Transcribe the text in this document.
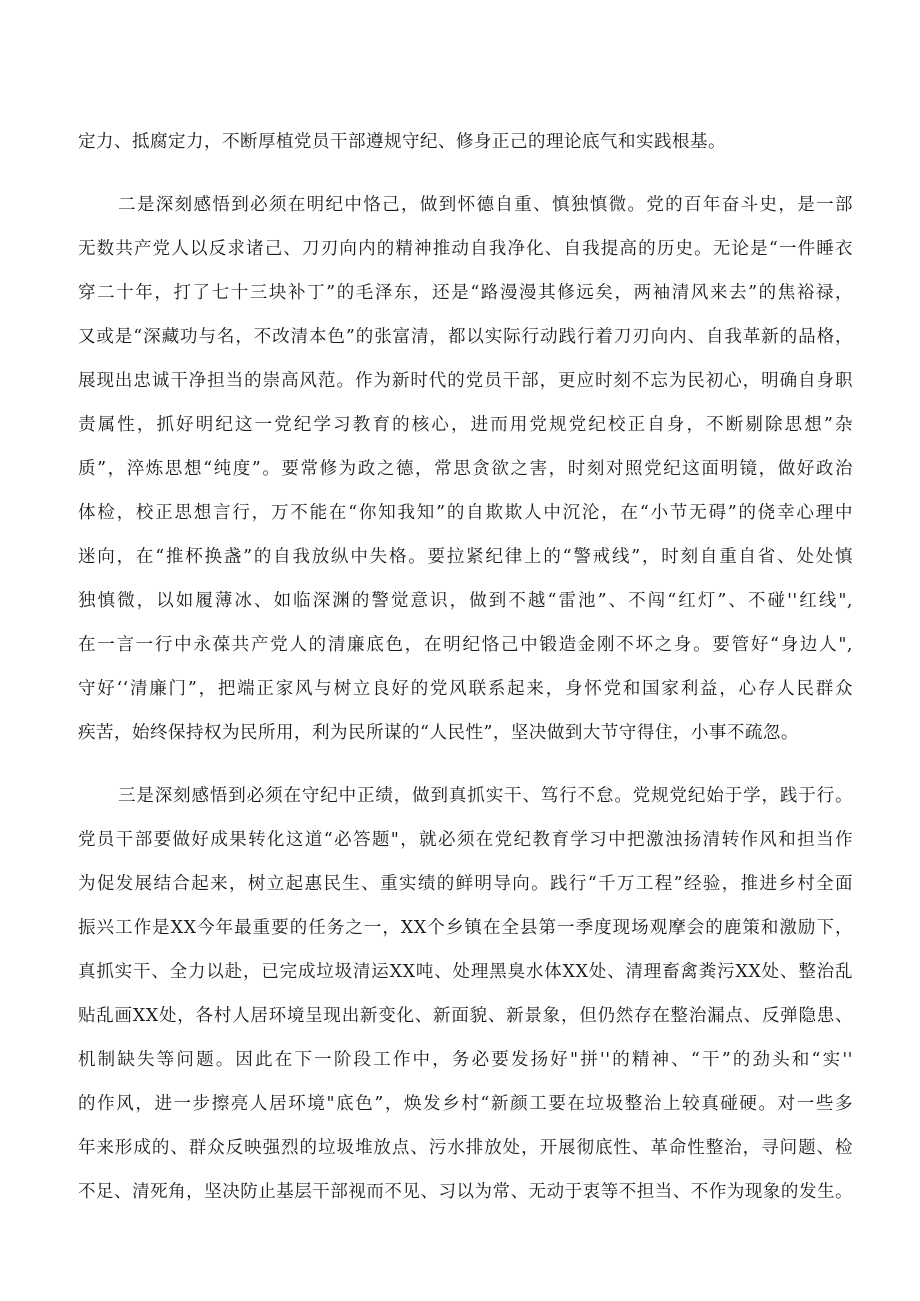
定力、抵腐定力，不断厚植党员干部遵规守纪、修身正己的理论底气和实践根基。
二是深刻感悟到必须在明纪中恪己，做到怀德自重、慎独慎微。党的百年奋斗史，是一部
无数共产党人以反求诸己、刀刃向内的精神推动自我净化、自我提高的历史。无论是“一件睡衣
穿二十年，打了七十三块补丁”的毛泽东，还是“路漫漫其修远矣，两袖清风来去”的焦裕禄，
又或是“深藏功与名，不改清本色”的张富清，都以实际行动践行着刀刃向内、自我革新的品格，
展现出忠诚干净担当的崇高风范。作为新时代的党员干部，更应时刻不忘为民初心，明确自身职
责属性，抓好明纪这一党纪学习教育的核心，进而用党规党纪校正自身，不断剔除思想”杂
质”，淬炼思想“纯度”。要常修为政之德，常思贪欲之害，时刻对照党纪这面明镜，做好政治
体检，校正思想言行，万不能在“你知我知”的自欺欺人中沉沦，在“小节无碍”的侥幸心理中
迷向，在“推杯换盏”的自我放纵中失格。要拉紧纪律上的“警戒线”，时刻自重自省、处处慎
独慎微，以如履薄冰、如临深渊的警觉意识，做到不越“雷池”、不闯“红灯”、不碰''红线",
在一言一行中永葆共产党人的清廉底色，在明纪恪己中锻造金刚不坏之身。要管好“身边人",
守好‘‘清廉门”，把端正家风与树立良好的党风联系起来，身怀党和国家利益，心存人民群众
疾苦，始终保持权为民所用，利为民所谋的“人民性”，坚决做到大节守得住，小事不疏忽。
三是深刻感悟到必须在守纪中正绩，做到真抓实干、笃行不怠。党规党纪始于学，践于行。
党员干部要做好成果转化这道“必答题"，就必须在党纪教育学习中把激浊扬清转作风和担当作
为促发展结合起来，树立起惠民生、重实绩的鲜明导向。践行“千万工程”经验，推进乡村全面
振兴工作是XX今年最重要的任务之一，XX个乡镇在全县第一季度现场观摩会的鹿策和激励下，
真抓实干、全力以赴，已完成垃圾清运XX吨、处理黑臭水体XX处、清理畜禽粪污XX处、整治乱
贴乱画XX处，各村人居环境呈现出新变化、新面貌、新景象，但仍然存在整治漏点、反弹隐患、
机制缺失等问题。因此在下一阶段工作中，务必要发扬好"拼''的精神、“干”的劲头和“实''
的作风，进一步擦亮人居环境"底色”，焕发乡村“新颜工要在垃圾整治上较真碰硬。对一些多
年来形成的、群众反映强烈的垃圾堆放点、污水排放处，开展彻底性、革命性整治，寻问题、检
不足、清死角，坚决防止基层干部视而不见、习以为常、无动于衷等不担当、不作为现象的发生。
